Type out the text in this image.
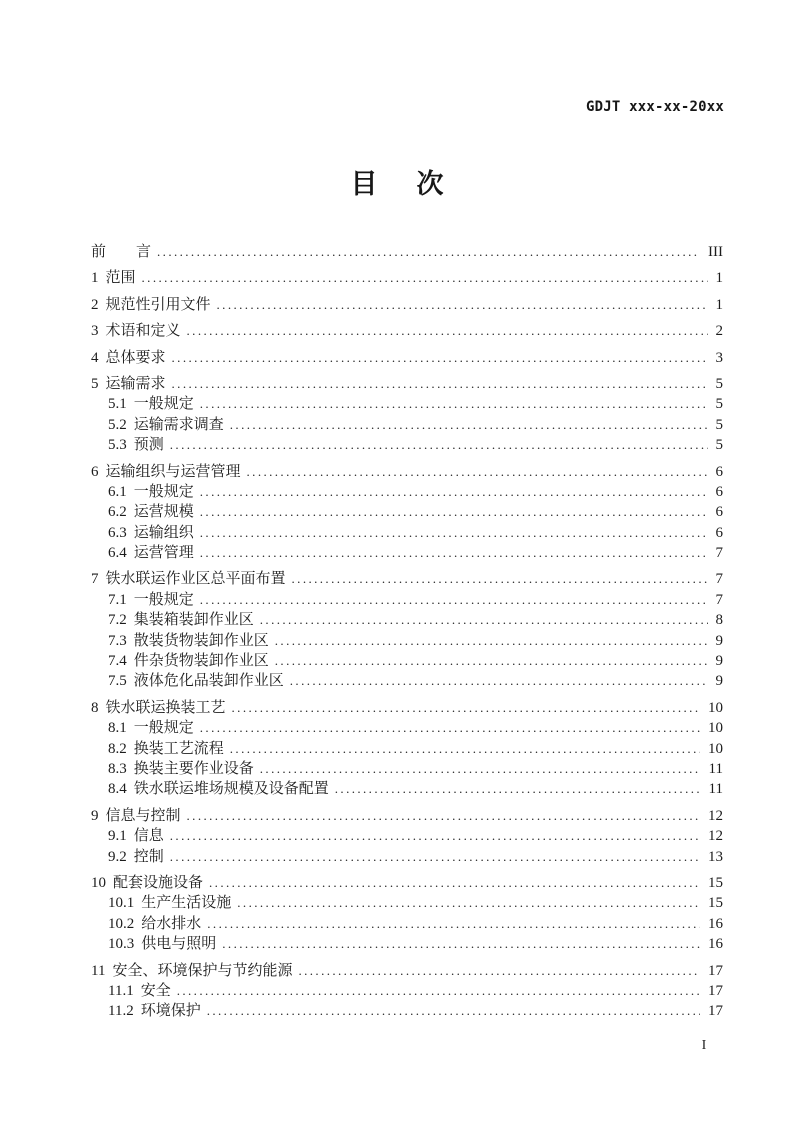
GDJT xxx-xx-20xx
目　次
前　　言 .....	III
1 范围 .....	1
2 规范性引用文件 .....	1
3 术语和定义 .....	2
4 总体要求 .....	3
5 运输需求 .....	5
5.1 一般规定 .....	5
5.2 运输需求调查 .....	5
5.3 预测 .....	5
6 运输组织与运营管理 .....	6
6.1 一般规定 .....	6
6.2 运营规模 .....	6
6.3 运输组织 .....	6
6.4 运营管理 .....	7
7 铁水联运作业区总平面布置 .....	7
7.1 一般规定 .....	7
7.2 集装箱装卸作业区 .....	8
7.3 散装货物装卸作业区 .....	9
7.4 件杂货物装卸作业区 .....	9
7.5 液体危化品装卸作业区 .....	9
8 铁水联运换装工艺 .....	10
8.1 一般规定 .....	10
8.2 换装工艺流程 .....	10
8.3 换装主要作业设备 .....	11
8.4 铁水联运堆场规模及设备配置 .....	11
9 信息与控制 .....	12
9.1 信息 .....	12
9.2 控制 .....	13
10 配套设施设备 .....	15
10.1 生产生活设施 .....	15
10.2 给水排水 .....	16
10.3 供电与照明 .....	16
11 安全、环境保护与节约能源 .....	17
11.1 安全 .....	17
11.2 环境保护 .....	17
I
